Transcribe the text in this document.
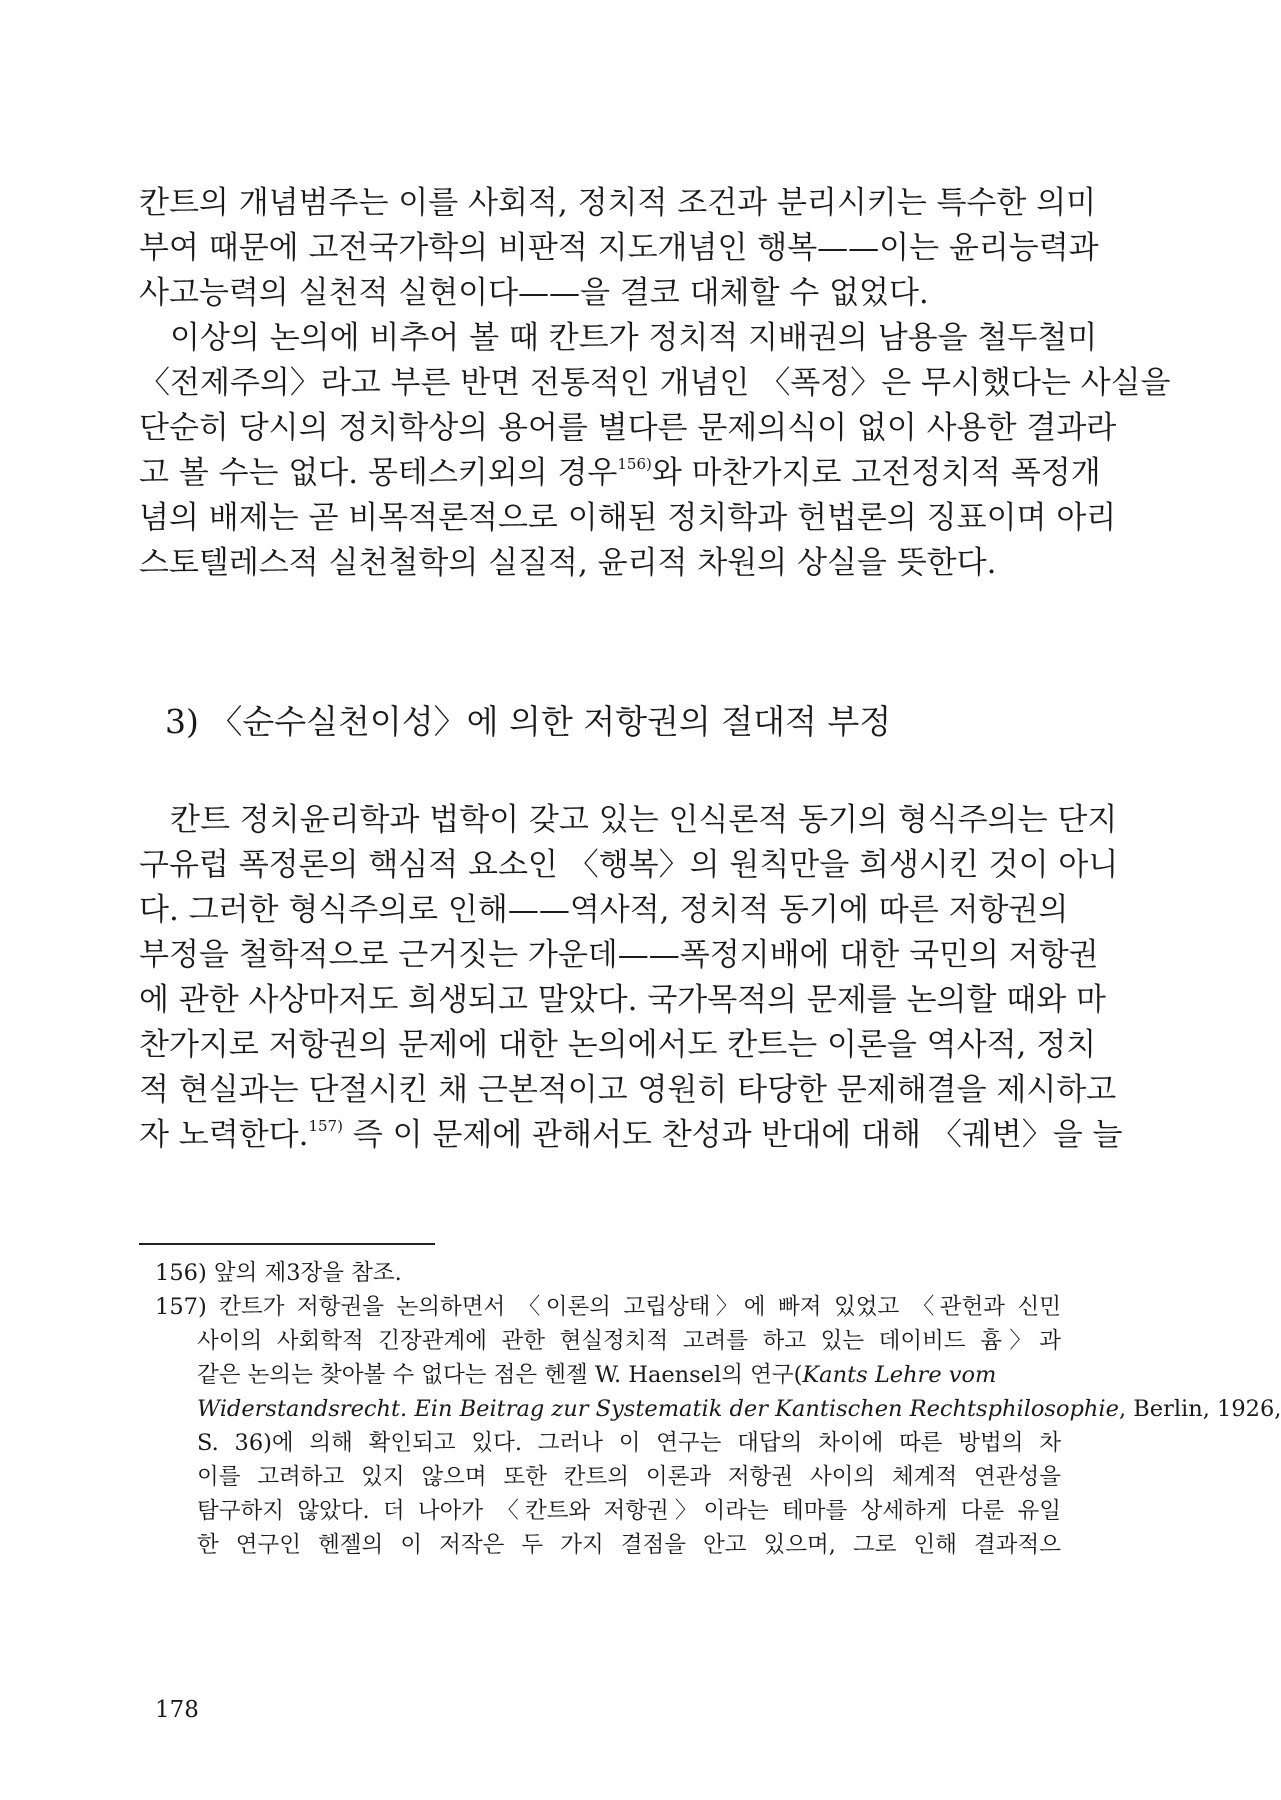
칸트의 개념범주는 이를 사회적, 정치적 조건과 분리시키는 특수한 의미
부여 때문에 고전국가학의 비판적 지도개념인 행복——이는 윤리능력과
사고능력의 실천적 실현이다——을 결코 대체할 수 없었다.
이상의 논의에 비추어 볼 때 칸트가 정치적 지배권의 남용을 철두철미
〈전제주의〉라고 부른 반면 전통적인 개념인 〈폭정〉은 무시했다는 사실을
단순히 당시의 정치학상의 용어를 별다른 문제의식이 없이 사용한 결과라
고 볼 수는 없다. 몽테스키외의 경우$^{156)}$와 마찬가지로 고전정치적 폭정개
념의 배제는 곧 비목적론적으로 이해된 정치학과 헌법론의 징표이며 아리
스토텔레스적 실천철학의 실질적, 윤리적 차원의 상실을 뜻한다.
3) 〈순수실천이성〉에 의한 저항권의 절대적 부정
칸트 정치윤리학과 법학이 갖고 있는 인식론적 동기의 형식주의는 단지
구유럽 폭정론의 핵심적 요소인 〈행복〉의 원칙만을 희생시킨 것이 아니
다. 그러한 형식주의로 인해——역사적, 정치적 동기에 따른 저항권의
부정을 철학적으로 근거짓는 가운데——폭정지배에 대한 국민의 저항권
에 관한 사상마저도 희생되고 말았다. 국가목적의 문제를 논의할 때와 마
찬가지로 저항권의 문제에 대한 논의에서도 칸트는 이론을 역사적, 정치
적 현실과는 단절시킨 채 근본적이고 영원히 타당한 문제해결을 제시하고
자 노력한다.$^{157)}$ 즉 이 문제에 관해서도 찬성과 반대에 대해 〈궤변〉을 늘
156) 앞의 제3장을 참조.
157) 칸트가 저항권을 논의하면서 〈이론의 고립상태〉에 빠져 있었고 〈관헌과 신민
사이의 사회학적 긴장관계에 관한 현실정치적 고려를 하고 있는 데이비드 흄〉과
같은 논의는 찾아볼 수 없다는 점은 헨젤 W. Haensel의 연구(Kants Lehre vom
Widerstandsrecht. Ein Beitrag zur Systematik der Kantischen Rechtsphilosophie, Berlin, 1926,
S. 36)에 의해 확인되고 있다. 그러나 이 연구는 대답의 차이에 따른 방법의 차
이를 고려하고 있지 않으며 또한 칸트의 이론과 저항권 사이의 체계적 연관성을
탐구하지 않았다. 더 나아가 〈칸트와 저항권〉이라는 테마를 상세하게 다룬 유일
한 연구인 헨젤의 이 저작은 두 가지 결점을 안고 있으며, 그로 인해 결과적으
178
